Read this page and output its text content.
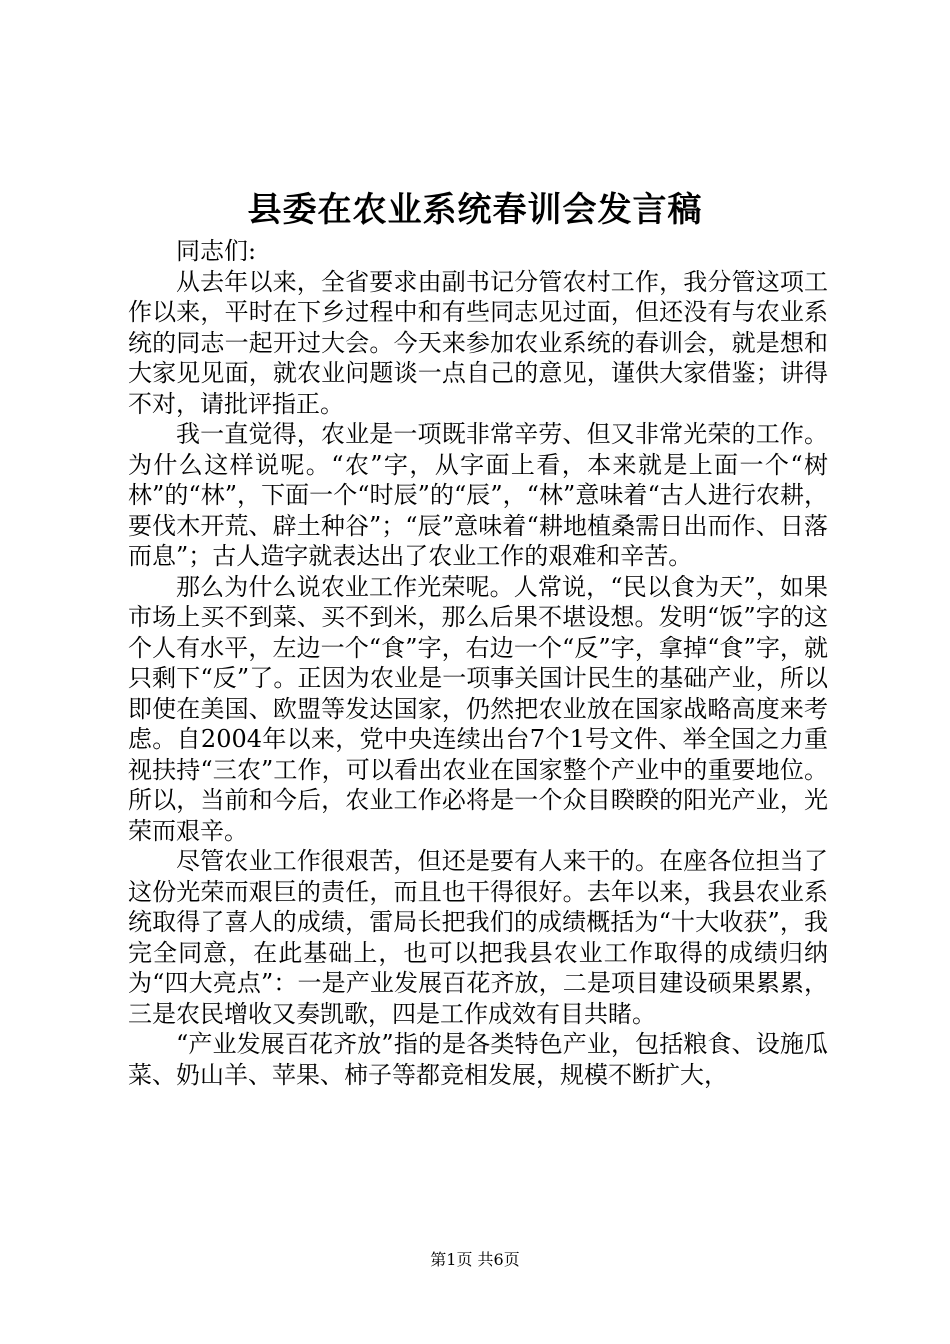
县委在农业系统春训会发言稿

同志们:

从去年以来，全省要求由副书记分管农村工作，我分管这项工作以来，平时在下乡过程中和有些同志见过面，但还没有与农业系统的同志一起开过大会。今天来参加农业系统的春训会，就是想和大家见见面，就农业问题谈一点自己的意见，谨供大家借鉴；讲得不对，请批评指正。

我一直觉得，农业是一项既非常辛劳、但又非常光荣的工作。为什么这样说呢。“农”字，从字面上看，本来就是上面一个“树林”的“林”，下面一个“时辰”的“辰”，“林”意味着“古人进行农耕，要伐木开荒、辟土种谷”；“辰”意味着“耕地植桑需日出而作、日落而息”；古人造字就表达出了农业工作的艰难和辛苦。

那么为什么说农业工作光荣呢。人常说，“民以食为天”，如果市场上买不到菜、买不到米，那么后果不堪设想。发明“饭”字的这个人有水平，左边一个“食”字，右边一个“反”字，拿掉“食”字，就只剩下“反”了。正因为农业是一项事关国计民生的基础产业，所以即使在美国、欧盟等发达国家，仍然把农业放在国家战略高度来考虑。自2004年以来，党中央连续出台7个1号文件、举全国之力重视扶持“三农”工作，可以看出农业在国家整个产业中的重要地位。所以，当前和今后，农业工作必将是一个众目睽睽的阳光产业，光荣而艰辛。

尽管农业工作很艰苦，但还是要有人来干的。在座各位担当了这份光荣而艰巨的责任，而且也干得很好。去年以来，我县农业系统取得了喜人的成绩，雷局长把我们的成绩概括为“十大收获”，我完全同意，在此基础上，也可以把我县农业工作取得的成绩归纳为“四大亮点”：一是产业发展百花齐放，二是项目建设硕果累累，三是农民增收又奏凯歌，四是工作成效有目共睹。

“产业发展百花齐放”指的是各类特色产业，包括粮食、设施瓜菜、奶山羊、苹果、柿子等都竞相发展，规模不断扩大，

第1页 共6页
